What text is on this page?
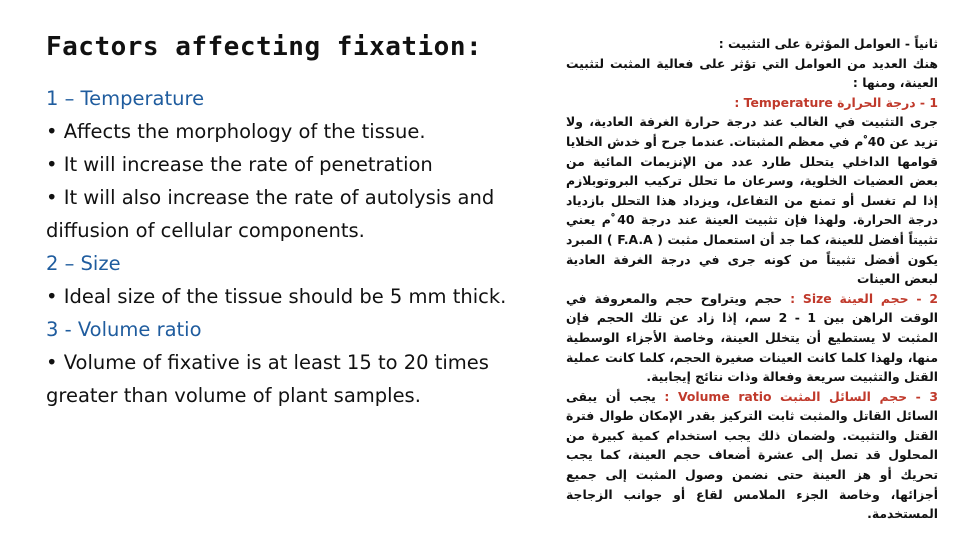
Factors affecting fixation:
1 – Temperature
• Affects the morphology of the tissue.
• It will increase the rate of penetration
• It will also increase the rate of autolysis and
diffusion of cellular components.
2 – Size
• Ideal size of the tissue should be 5 mm thick.
3 - Volume ratio
• Volume of fixative is at least 15 to 20 times
greater than volume of plant samples.

ثانياً - العوامل المؤثرة على التثبيت :
هنك العديد من العوامل التي تؤثر على فعالية المثبت لتثبيت العينة، ومنها :

1 - درجة الحرارة Temperature :
جرى التثبيت في الغالب عند درجة حرارة الغرفة العادية، ولا تزيد عن 40 ْم في معظم المثبتات. عندما جرح أو خدش الخلايا قوامها الداخلي يتحلل طارد عدد من الإنزيمات المائية من بعض العضيات الخلوية، وسرعان ما تحلل تركيب البروتوبلازم إذا لم تغسل أو تمنع من التفاعل، ويزداد هذا التحلل بازدياد درجة الحرارة. ولهذا فإن تثبيت العينة عند درجة 40 ْم يعني تثبيتاً أفضل للعينة، كما جد أن استعمال مثبت ( F.A.A ) المبرد يكون أفضل تثبيتاً من كونه جرى في درجة الغرفة العادية لبعض العينات

2 - حجم العينة Size : حجم ويتراوح حجم والمعروفة في الوقت الراهن بين 1 - 2 سم، إذا زاد عن تلك الحجم فإن المثبت لا يستطيع أن يتخلل العينة، وخاصة الأجزاء الوسطية منها، ولهذا كلما كانت العينات صغيرة الحجم، كلما كانت عملية القتل والتثبيت سريعة وفعالة وذات نتائج إيجابية.

3 - حجم السائل المثبت Volume ratio : يجب أن يبقى السائل القاتل والمثبت ثابت التركيز بقدر الإمكان طوال فترة القتل والتثبيت. ولضمان ذلك يجب استخدام كمية كبيرة من المحلول قد تصل إلى عشرة أضعاف حجم العينة، كما يجب تحريك أو هز العينة حتى نضمن وصول المثبت إلى جميع أجزائها، وخاصة الجزء الملامس لقاع أو جوانب الزجاجة المستخدمة.
